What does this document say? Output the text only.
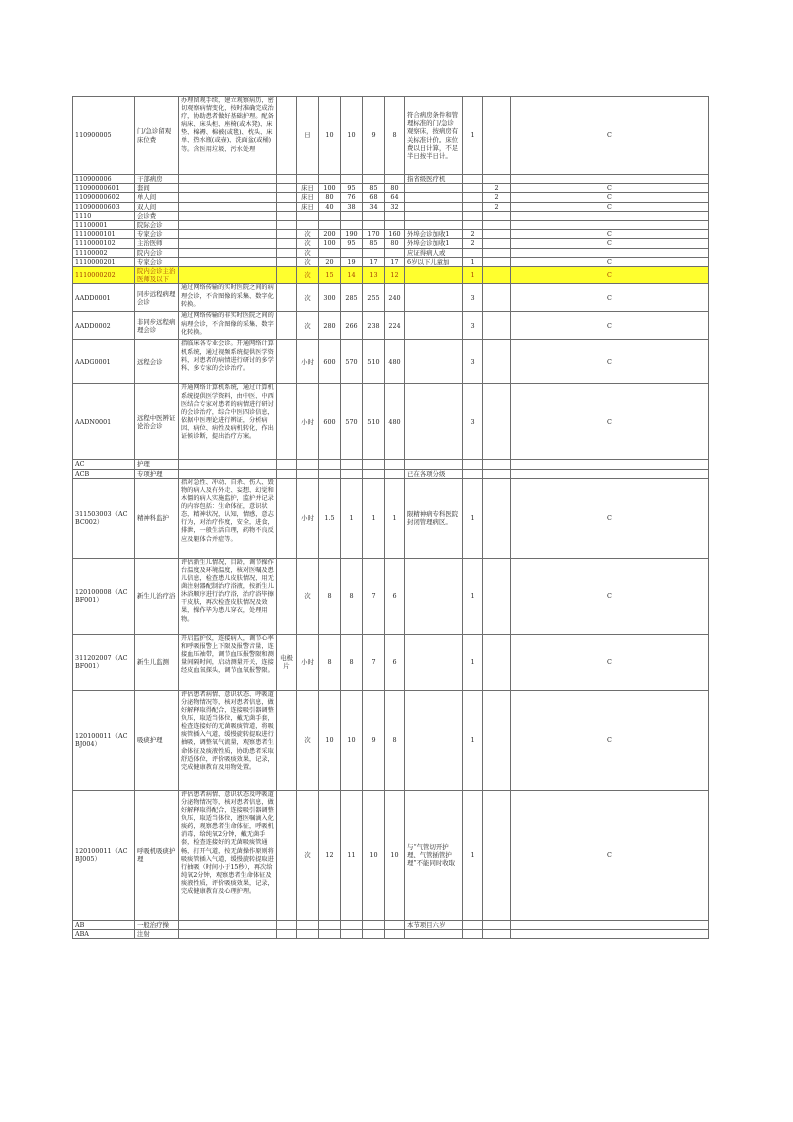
110900005	门/急诊留观床位费	办理留观手续，建立观察病历，密切观察病情变化，按时准确完成治疗，协助患者做好基础护理。配备病床、床头柜、座椅(或木凳)、床垫、棉褥、棉被(或毯)、枕头、床单、热水瓶(或壶)、洗面盆(或桶)等。含医用垃圾、污水处理		日	10	10	9	8	符合病房条件和管理标准的门/急诊观察床，按病房有关标准计价。床位费以日计算，不足半日按半日计。	1		C
110900006	干部病房								指省级医疗机			
11090000601	套间			床日	100	95	85	80			2	C
11090000602	单人间			床日	80	76	68	64			2	C
11090000603	双人间			床日	40	38	34	32			2	C
1110	会诊费											
11100001	院际会诊											
1110000101	专家会诊			次	200	190	170	160	外埠会诊加收1	2		C
1110000102	主治医师			次	100	95	85	80	外埠会诊加收1	2		C
11100002	院内会诊			次					应证得病人或			
1110000201	专家会诊			次	20	19	17	17	6岁以下儿童加	1		C
1110000202	院内会诊主治医师及以下			次	15	14	13	12		1		C
AADD0001	同步远程病理会诊	通过网络传输的实时医院之间的病理会诊，不含图像的采集、数字化转换。		次	300	285	255	240		3		C
AADD0002	非同步远程病理会诊	通过网络传输的非实时医院之间的病理会诊，不含图像的采集、数字化转换。		次	280	266	238	224		3		C
AADG0001	远程会诊	指临床各专业会诊。开通网络计算机系统，通过视频系统提供医学资料，对患者的病情进行研讨的多学科、多专家的会诊治疗。		小时	600	570	510	480		3		C
AADN0001	远程中医辨证论治会诊	开通网络计算机系统，通过计算机系统提供医学资料，由中医、中西医结合专家对患者的病情进行研讨的会诊治疗，综合中医四诊信息，依据中医理论进行辨证，分析病因、病位、病性及病机转化，作出证候诊断，提出治疗方案。		小时	600	570	510	480		3		C
AC	护理											
ACB	专项护理								已在各项分级			
311503003（ACBC002）	精神科监护	指对急性、冲动、自杀、伤人、毁物的病人及有外走、妄想、幻觉和木僵的病人实施监护，监护并记录的内容包括：生命体征，意识状态，精神状况，认知，情感，意志行为，对治疗作度，安全，进食，排泄，一般生活自理，药物不良反应及躯体合并症等。		小时	1.5	1	1	1	限精神病专科医院封闭管理病区。	1		C
120100008（ACBF001）	新生儿治疗浴	评估新生儿情况，目龄，调节操作台温度及环境温度，核对医嘱及患儿信息，检查患儿皮肤情况，用无菌注射器配制治疗浴液，按新生儿沐浴顺序进行治疗浴，治疗浴毕擦干皮肤，再次检查皮肤情况及效果，操作毕为患儿穿衣，处理用物。		次	8	8	7	6		1		C
311202007（ACBF001）	新生儿监测	开启监护仪，连接病人，调节心率和呼吸报警上下限及报警音量，连接血压袖带，调节血压报警限和测量间隔时间，启动测量开关，连接经皮血氧探头，调节血氧报警限。	电极片	小时	8	8	7	6		1		C
120100011（ACBJ004）	吸痰护理	评估患者病情、意识状态、呼吸道分泌物情况等，核对患者信息，做好解释取得配合，连接吸引器调整负压，取适当体位，戴无菌手套，检查连接好的无菌吸痰管道，将吸痰管插入气道，缓慢旋转提取进行抽吸，调整氧气流量，观察患者生命体征及痰液性质，协助患者采取舒适体位，评价吸痰效果，记录，完成健康教育及用物处置。		次	10	10	9	8		1		C
120100011（ACBJ005）	呼吸机吸痰护理	评估患者病情、意识状态及呼吸道分泌物情况等，核对患者信息，做好解释取得配合，连接吸引器调整负压，取适当体位，遵医嘱滴入化痰药，观察患者生命体征，呼吸机消毒，给纯氧2分钟，戴无菌手套，检查连接好的无菌吸痰管通畅，打开气道，按无菌操作原则将吸痰管插入气道，缓慢旋转提取进行抽吸（时间小于15秒），再次给纯氧2分钟，观察患者生命体征及痰液性质，评价吸痰效果，记录，完成健康教育及心理护理。		次	12	11	10	10	与“气管切开护理、气管插管护理”不能同时收取	1		C
AB	一般治疗操								本节项目六岁			
ABA	注射											
